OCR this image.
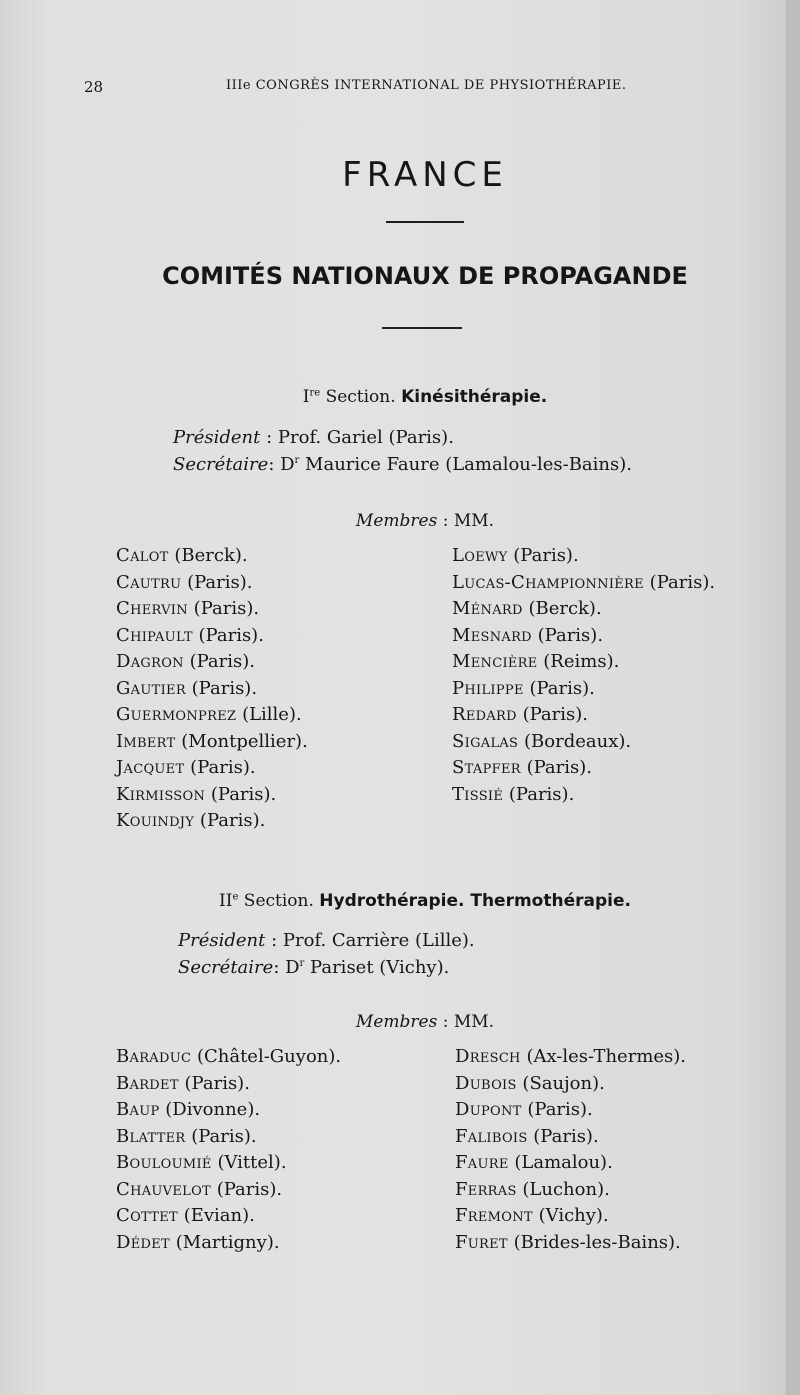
28	IIIe CONGRÈS INTERNATIONAL DE PHYSIOTHÉRAPIE.
FRANCE
COMITÉS NATIONAUX DE PROPAGANDE
Ire Section. Kinésithérapie.
Président : Prof. Gariel (Paris).
Secrétaire: $D^r$ Maurice Faure (Lamalou-les-Bains).
Membres : MM.
Calot (Berck).
Cautru (Paris).
Chervin (Paris).
Chipault (Paris).
Dagron (Paris).
Gautier (Paris).
Guermonprez (Lille).
Imbert (Montpellier).
Jacquet (Paris).
Kirmisson (Paris).
Kouindjy (Paris).
Loewy (Paris).
Lucas-Championnière (Paris).
Ménard (Berck).
Mesnard (Paris).
Mencière (Reims).
Philippe (Paris).
Redard (Paris).
Sigalas (Bordeaux).
Stapfer (Paris).
Tissié (Paris).
IIe Section. Hydrothérapie. Thermothérapie.
Président : Prof. Carrière (Lille).
Secrétaire: $D^r$ Pariset (Vichy).
Membres : MM.
Baraduc (Châtel-Guyon).
Bardet (Paris).
Baup (Divonne).
Blatter (Paris).
Bouloumié (Vittel).
Chauvelot (Paris).
Cottet (Evian).
Dédet (Martigny).
Dresch (Ax-les-Thermes).
Dubois (Saujon).
Dupont (Paris).
Falibois (Paris).
Faure (Lamalou).
Ferras (Luchon).
Fremont (Vichy).
Furet (Brides-les-Bains).
